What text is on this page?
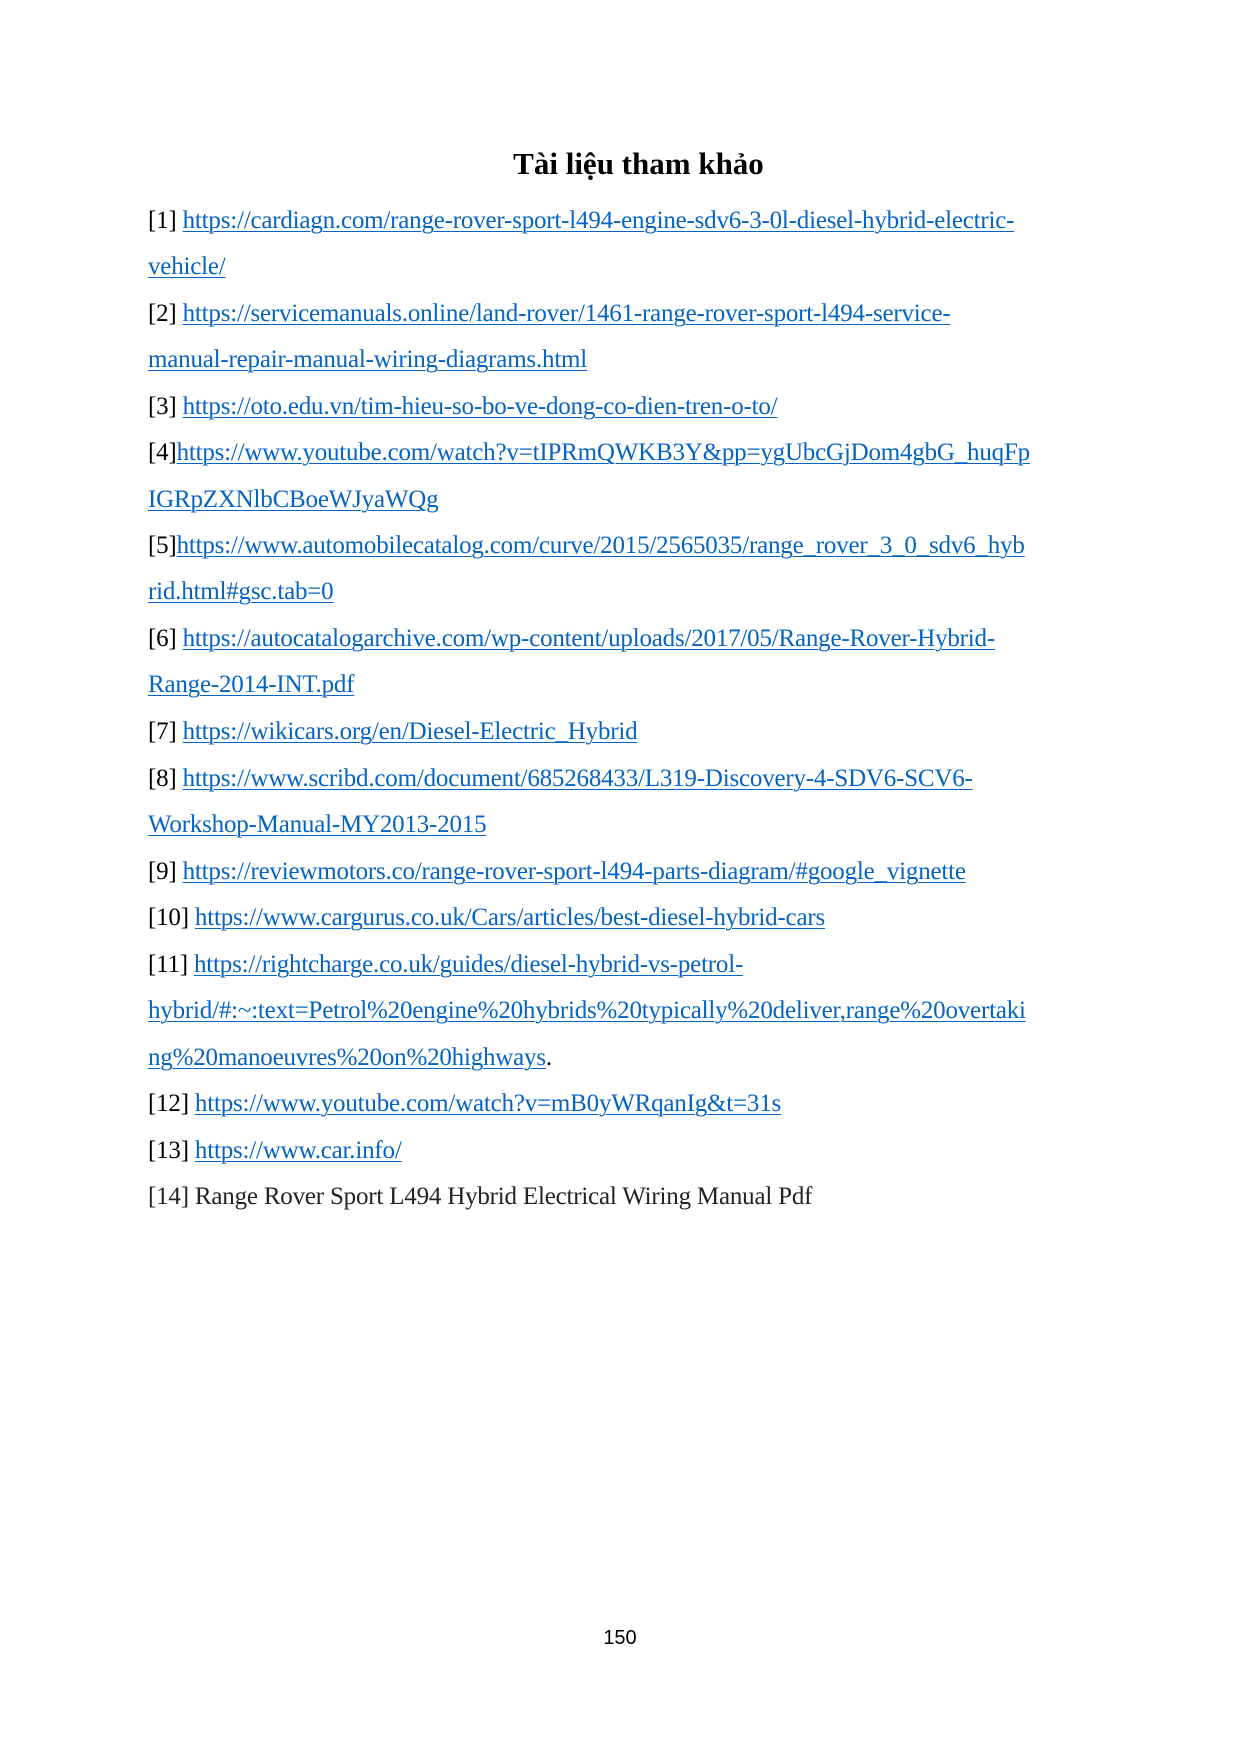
Tài liệu tham khảo
[1] https://cardiagn.com/range-rover-sport-l494-engine-sdv6-3-0l-diesel-hybrid-electric-
vehicle/
[2] https://servicemanuals.online/land-rover/1461-range-rover-sport-l494-service-
manual-repair-manual-wiring-diagrams.html
[3] https://oto.edu.vn/tim-hieu-so-bo-ve-dong-co-dien-tren-o-to/
[4]https://www.youtube.com/watch?v=tIPRmQWKB3Y&pp=ygUbcGjDom4gbG_huqFp
IGRpZXNlbCBoeWJyaWQg
[5]https://www.automobilecatalog.com/curve/2015/2565035/range_rover_3_0_sdv6_hyb
rid.html#gsc.tab=0
[6] https://autocatalogarchive.com/wp-content/uploads/2017/05/Range-Rover-Hybrid-
Range-2014-INT.pdf
[7] https://wikicars.org/en/Diesel-Electric_Hybrid
[8] https://www.scribd.com/document/685268433/L319-Discovery-4-SDV6-SCV6-
Workshop-Manual-MY2013-2015
[9] https://reviewmotors.co/range-rover-sport-l494-parts-diagram/#google_vignette
[10] https://www.cargurus.co.uk/Cars/articles/best-diesel-hybrid-cars
[11] https://rightcharge.co.uk/guides/diesel-hybrid-vs-petrol-
hybrid/#:~:text=Petrol%20engine%20hybrids%20typically%20deliver,range%20overtaki
ng%20manoeuvres%20on%20highways.
[12] https://www.youtube.com/watch?v=mB0yWRqanIg&t=31s
[13] https://www.car.info/
[14] Range Rover Sport L494 Hybrid Electrical Wiring Manual Pdf
150
